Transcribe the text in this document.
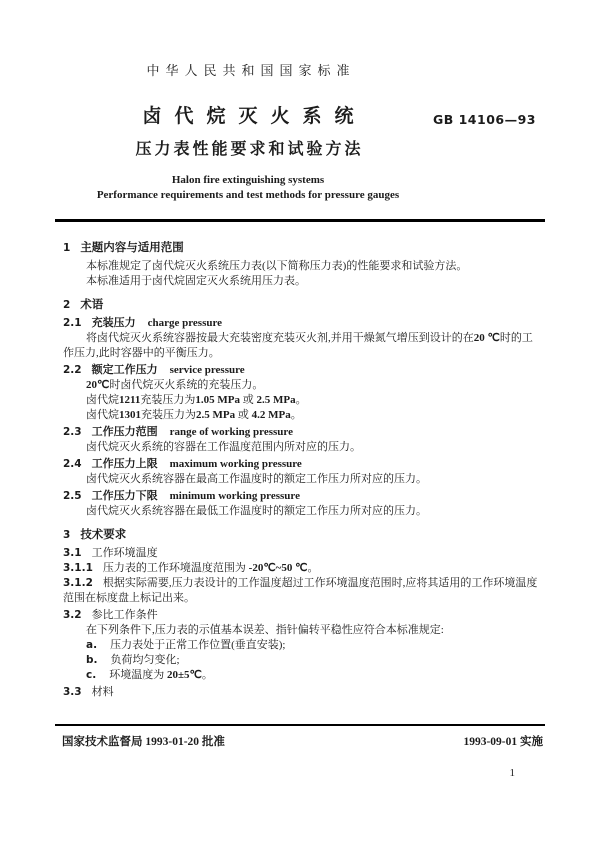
中华人民共和国国家标准
卤代烷灭火系统
压力表性能要求和试验方法
GB 14106—93
Halon fire extinguishing systems
Performance requirements and test methods for pressure gauges
1 主题内容与适用范围
本标准规定了卤代烷灭火系统压力表(以下简称压力表)的性能要求和试验方法。
本标准适用于卤代烷固定灭火系统用压力表。
2 术语
2.1 充装压力 charge pressure
将卤代烷灭火系统容器按最大充装密度充装灭火剂,并用干燥氮气增压到设计的在20 ℃时的工作压力,此时容器中的平衡压力。
2.2 额定工作压力 service pressure
20℃时卤代烷灭火系统的充装压力。
卤代烷1211充装压力为1.05 MPa 或 2.5 MPa。
卤代烷1301充装压力为2.5 MPa 或 4.2 MPa。
2.3 工作压力范围 range of working pressure
卤代烷灭火系统的容器在工作温度范围内所对应的压力。
2.4 工作压力上限 maximum working pressure
卤代烷灭火系统容器在最高工作温度时的额定工作压力所对应的压力。
2.5 工作压力下限 minimum working pressure
卤代烷灭火系统容器在最低工作温度时的额定工作压力所对应的压力。
3 技术要求
3.1 工作环境温度
3.1.1 压力表的工作环境温度范围为 -20℃~50 ℃。
3.1.2 根据实际需要,压力表设计的工作温度超过工作环境温度范围时,应将其适用的工作环境温度范围在标度盘上标记出来。
3.2 参比工作条件
在下列条件下,压力表的示值基本误差、指针偏转平稳性应符合本标准规定:
a. 压力表处于正常工作位置(垂直安装);
b. 负荷均匀变化;
c. 环境温度为 20±5℃。
3.3 材料
国家技术监督局 1993-01-20 批准	1993-09-01 实施
1
